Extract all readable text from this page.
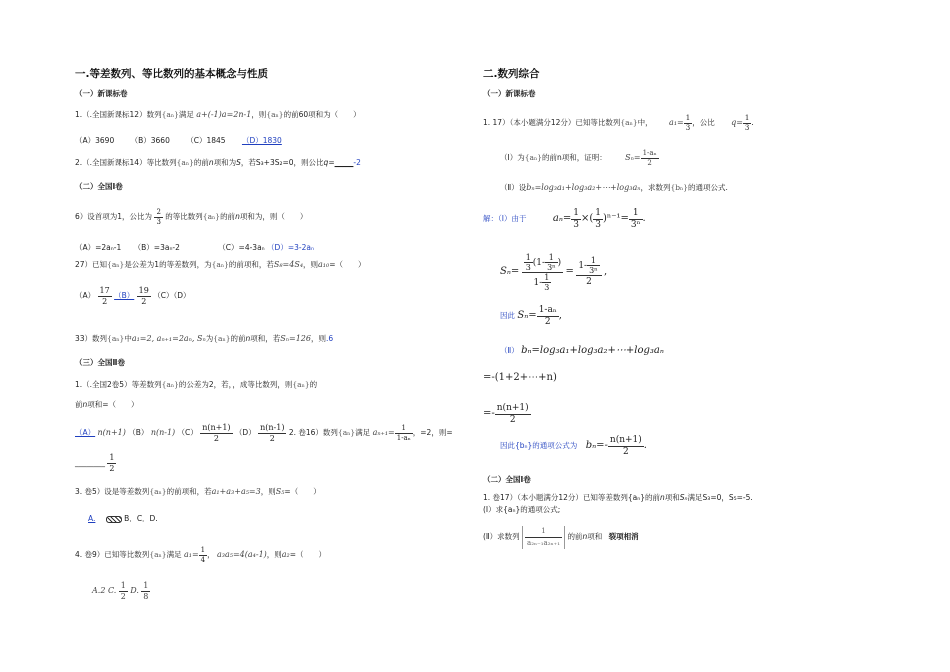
一.等差数列、等比数列的基本概念与性质
（一）新课标卷
1.（.全国新课标12）数列{aₙ}满足 a+(-1)a=2n-1，则{aₙ}的前60项和为（　　）
（A）3690 （B）3660 （C）1845 （D）1830
2.（.全国新课标14）等比数列{aₙ}的前n项和为S，若S₃+3S₂=0，则公比q=_____-2
（二）全国Ⅰ卷
6）设首项为1，公比为 $\frac{2}{3}$ 的等比数列{aₙ}的前n项和为，则（　　）
（A）=2aₙ-1 （B）=3aₙ-2	（C）=4-3aₙ （D）=3-2aₙ
27）已知{aₙ}是公差为1的等差数列，为{aₙ}的前项和，若S₈=4S₄，则a₁₀=（　　）
$(A) \frac{17}{2} (B) \frac{19}{2} (C)(D)$
33）数列{aₙ}中a₁=2, aₙ₊₁=2aₙ, Sₙ为{aₙ}的前n项和，若Sₙ=126，则.6
（三）全国Ⅱ卷
1.（.全国2卷5）等差数列{aₙ}的公差为2，若，，成等比数列，则{aₙ}的
前n项和=（　　）
（A） n(n+1) （B） n(n-1) $(C) \frac{n(n+1)}{2} (D) \frac{n(n-1)}{2} 2$. 卷16）数列{aₙ}满足 $a_{n+1}= \frac{1}{\text{1-aₙ}}$ ，=2，则=
________ $\frac{1}{2}$
3. 卷5）设是等差数列{aₙ}的前项和，若a₁+a₃+a₅=3，则S₅=（　　）
A.	B．C．D.
4. 卷9）已知等比数列{aₙ}满足 $a_1= \frac{1}{4}$ ， a₃a₅=4(a₄-1)，则a₂=（　　）
A.2 C. $\frac{1}{2} D$. $\frac{1}{8}$
二.数列综合
（一）新课标卷
1. 17）（本小题满分12分）已知等比数列{aₙ}中， $a_1= \frac{1}{3}$ ，公比 $q= \frac{1}{3}$ .
（Ⅰ）为{aₙ}的前n项和，证明： $S_n= \frac{\text{1-aₙ}}{2}$
（Ⅱ）设bₙ=log₃a₁+log₃a₂+⋯+log₃aₙ，求数列{bₙ}的通项公式.
解：（Ⅰ）由于	$a_n= \frac{1}{3}$ ×( $\frac{1}{3} )^{n-1}= \frac{1}{\text{3ⁿ}}$ .
$S_n= \frac{\frac{1}{3} (1- \frac{1}{\text{3ⁿ}} )}{1- \frac{1}{3}} = \frac{1- \frac{1}{\text{3ⁿ}}}{2}$ ,
因此 $S_n= \frac{\text{1-aₙ}}{2}$ ,
（Ⅱ） bₙ=log₃a₁+log₃a₂+⋯+log₃aₙ
=-(1+2+⋯+n)
=- $\frac{n(n+1)}{2}$
因此{bₙ}的通项公式为 $b_n=- \frac{n(n+1)}{2}$ .
（二）全国Ⅰ卷
1. 卷17）（本小题满分12分）已知等差数列{aₙ}的前n项和Sₙ满足S₃=0，S₅=-5.
(Ⅰ）求{aₙ}的通项公式;
(Ⅱ）求数列 $\frac{1}{\text{a₂ₙ₋₁a₂ₙ₊₁}}$ 的前n项和 裂项相消
